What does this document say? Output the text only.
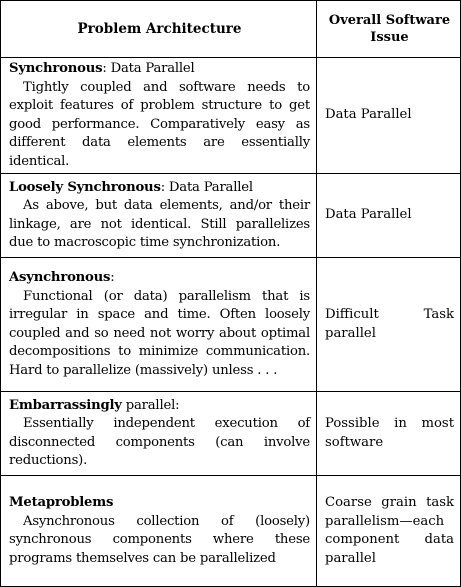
Problem Architecture	Overall Software Issue
Synchronous: Data Parallel
Tightly coupled and software needs to exploit features of problem structure to get good performance. Comparatively easy as different data elements are essentially identical.	Data Parallel
Loosely Synchronous: Data Parallel
As above, but data elements, and/or their linkage, are not identical. Still parallelizes due to macroscopic time synchronization.	Data Parallel
Asynchronous:
Functional (or data) parallelism that is irregular in space and time. Often loosely coupled and so need not worry about optimal decompositions to minimize communication. Hard to parallelize (massively) unless . . .	Difficult Task parallel
Embarrassingly parallel:
Essentially independent execution of disconnected components (can involve reductions).	Possible in most software
Metaproblems
Asynchronous collection of (loosely) synchronous components where these programs themselves can be parallelized	Coarse grain task parallelism—each component data parallel
